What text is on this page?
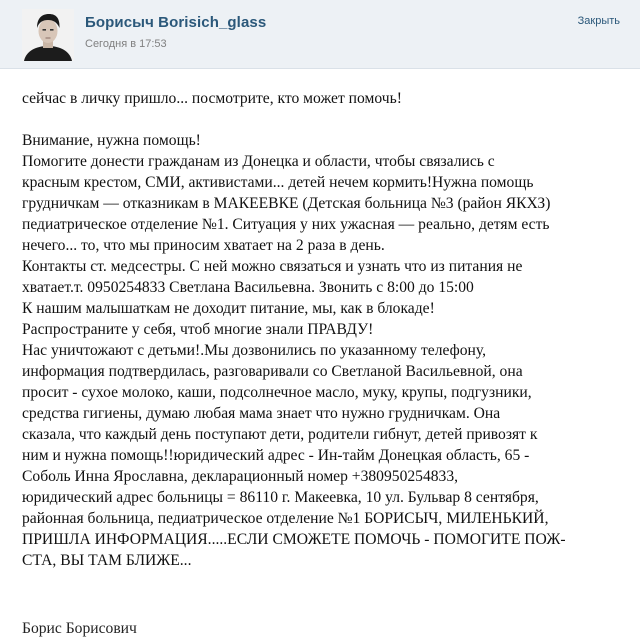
Борисыч Borisich_glass
Сегодня в 17:53
Закрыть

сейчас в личку пришло... посмотрите, кто может помочь!

Внимание, нужна помощь!

Помогите донести гражданам из Донецка и области, чтобы связались с

красным крестом, СМИ, активистами... детей нечем кормить!Нужна помощь

грудничкам — отказникам в МАКЕЕВКЕ (Детская больница №3 (район ЯКХЗ)

педиатрическое отделение №1. Ситуация у них ужасная — реально, детям есть

нечего... то, что мы приносим хватает на 2 раза в день.

Контакты ст. медсестры. С ней можно связаться и узнать что из питания не

хватает.т. 0950254833 Светлана Васильевна. Звонить с 8:00 до 15:00

К нашим малышаткам не доходит питание, мы, как в блокаде!

Распространите у себя, чтоб многие знали ПРАВДУ!

Нас уничтожают с детьми!.Мы дозвонились по указанному телефону,

информация подтвердилась, разговаривали со Светланой Васильевной, она

просит - сухое молоко, каши, подсолнечное масло, муку, крупы, подгузники,

средства гигиены, думаю любая мама знает что нужно грудничкам. Она

сказала, что каждый день поступают дети, родители гибнут, детей привозят к

ним и нужна помощь!!юридический адрес - Ин-тайм Донецкая область, 65 -

Соболь Инна Ярославна, декларационный номер +380950254833,

юридический адрес больницы = 86110 г. Макеевка, 10 ул. Бульвар 8 сентября,

районная больница, педиатрическое отделение №1 БОРИСЫЧ, МИЛЕНЬКИЙ,

ПРИШЛА ИНФОРМАЦИЯ.....ЕСЛИ СМОЖЕТЕ ПОМОЧЬ - ПОМОГИТЕ ПОЖ-

СТА, ВЫ ТАМ БЛИЖЕ...

Борис Борисович
